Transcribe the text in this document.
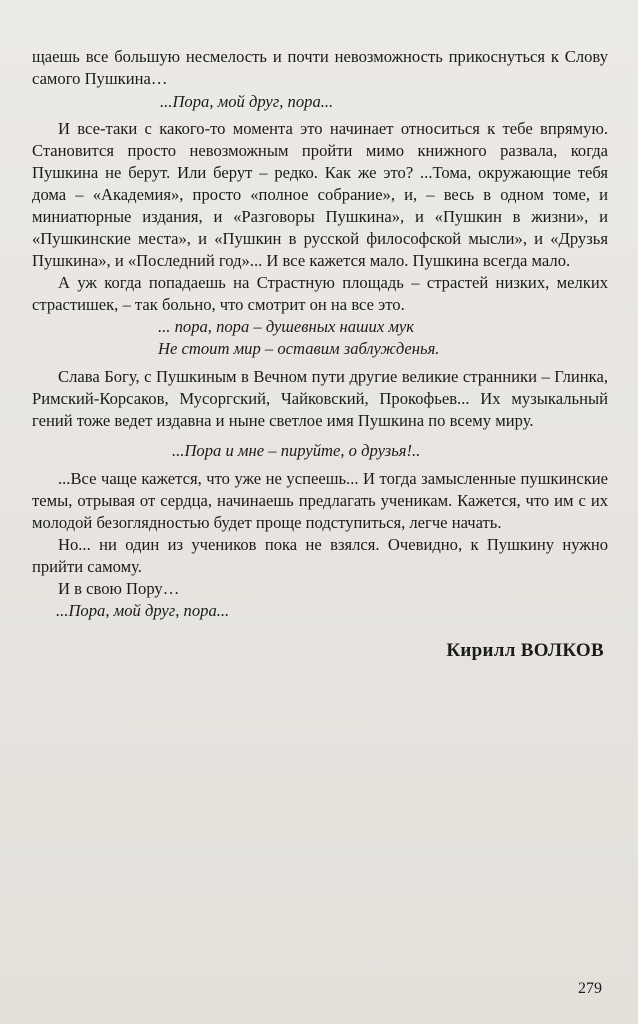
щаешь все большую несмелость и почти невозможность прикоснуться к Слову самого Пушкина…

...Пора, мой друг, пора...

И все-таки с какого-то момента это начинает относиться к тебе впрямую. Становится просто невозможным пройти мимо книжного развала, когда Пушкина не берут. Или берут – редко. Как же это? ...Тома, окружающие тебя дома – «Академия», просто «полное собрание», и, – весь в одном томе, и миниатюрные издания, и «Разговоры Пушкина», и «Пушкин в жизни», и «Пушкинские места», и «Пушкин в русской философской мысли», и «Друзья Пушкина», и «Последний год»... И все кажется мало. Пушкина всегда мало.

А уж когда попадаешь на Страстную площадь – страстей низких, мелких страстишек, – так больно, что смотрит он на все это.

... пора, пора – душевных наших мук
Не стоит мир – оставим заблужденья.

Слава Богу, с Пушкиным в Вечном пути другие великие странники – Глинка, Римский-Корсаков, Мусоргский, Чайковский, Прокофьев... Их музыкальный гений тоже ведет издавна и ныне светлое имя Пушкина по всему миру.

...Пора и мне – пируйте, о друзья!..

...Все чаще кажется, что уже не успеешь... И тогда замысленные пушкинские темы, отрывая от сердца, начинаешь предлагать ученикам. Кажется, что им с их молодой безоглядностью будет проще подступиться, легче начать.

Но... ни один из учеников пока не взялся. Очевидно, к Пушкину нужно прийти самому.

И в свою Пору…

...Пора, мой друг, пора...
Кирилл ВОЛКОВ
279
